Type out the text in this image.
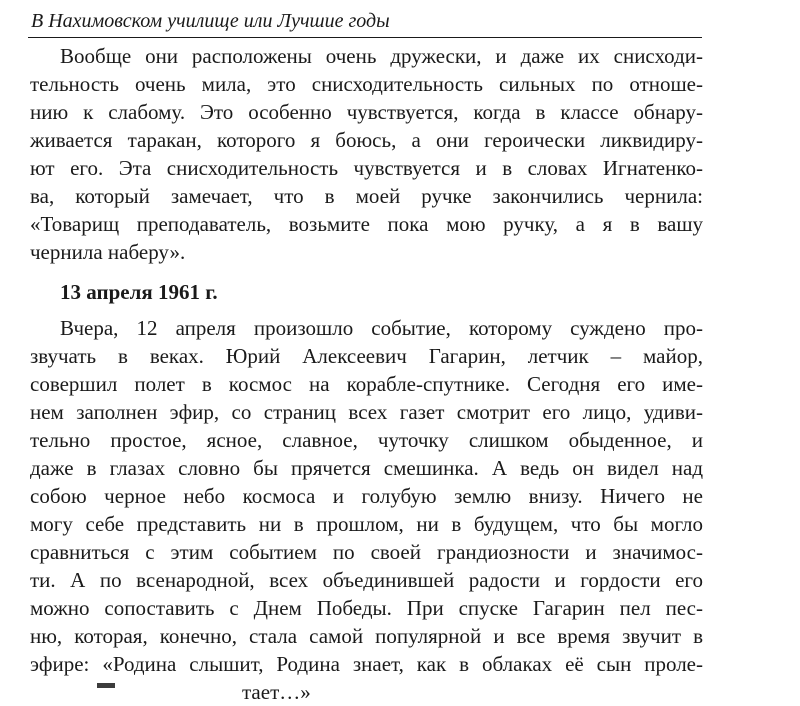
В Нахимовском училище или Лучшие годы
Вообще они расположены очень дружески, и даже их снисходи-
тельность очень мила, это снисходительность сильных по отноше-
нию к слабому. Это особенно чувствуется, когда в классе обнару-
живается таракан, которого я боюсь, а они героически ликвидиру-
ют его. Эта снисходительность чувствуется и в словах Игнатенко-
ва, который замечает, что в моей ручке закончились чернила:
«Товарищ преподаватель, возьмите пока мою ручку, а я в вашу
чернила наберу».
13 апреля 1961 г.
Вчера, 12 апреля произошло событие, которому суждено про-
звучать в веках. Юрий Алексеевич Гагарин, летчик – майор,
совершил полет в космос на корабле-спутнике. Сегодня его име-
нем заполнен эфир, со страниц всех газет смотрит его лицо, удиви-
тельно простое, ясное, славное, чуточку слишком обыденное, и
даже в глазах словно бы прячется смешинка. А ведь он видел над
собою черное небо космоса и голубую землю внизу. Ничего не
могу себе представить ни в прошлом, ни в будущем, что бы могло
сравниться с этим событием по своей грандиозности и значимос-
ти. А по всенародной, всех объединившей радости и гордости его
можно сопоставить с Днем Победы. При спуске Гагарин пел пес-
ню, которая, конечно, стала самой популярной и все время звучит в
эфире: «Родина слышит, Родина знает, как в облаках её сын проле-
тает…»
